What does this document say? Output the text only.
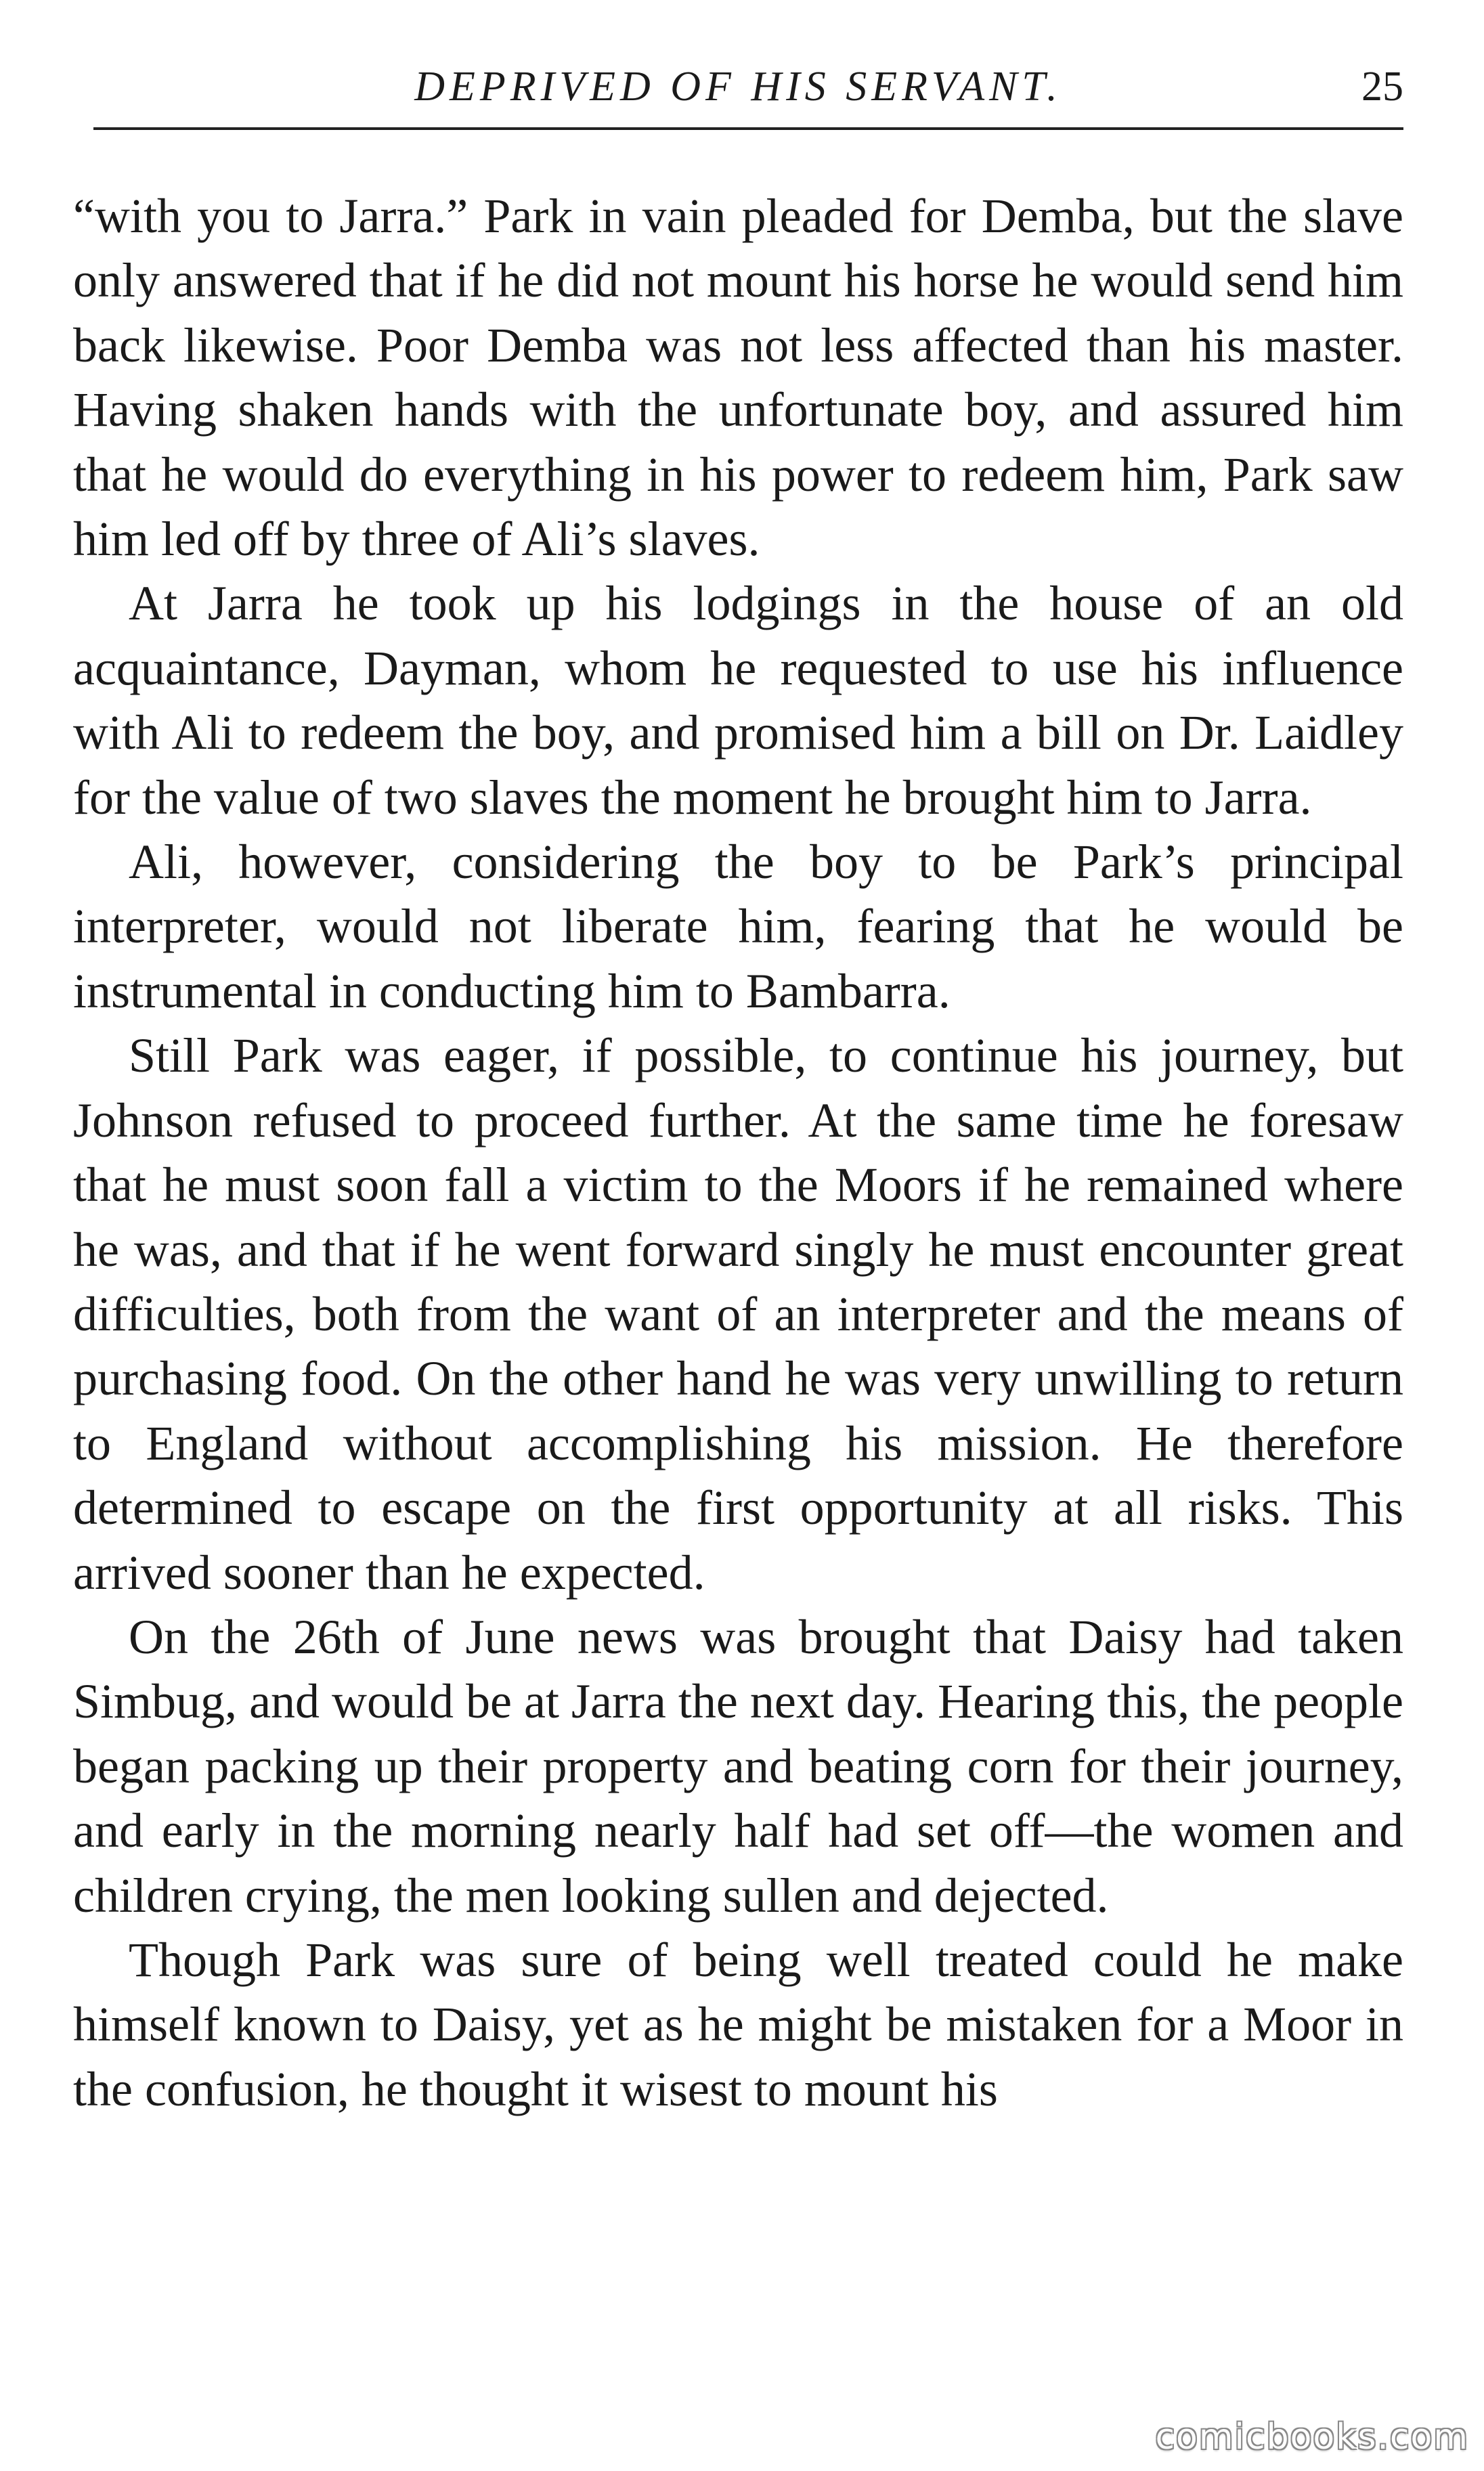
DEPRIVED OF HIS SERVANT.	25

“with you to Jarra.” Park in vain pleaded for Demba, but the slave only answered that if he did not mount his horse he would send him back likewise. Poor Demba was not less affected than his master. Having shaken hands with the unfortunate boy, and assured him that he would do everything in his power to redeem him, Park saw him led off by three of Ali’s slaves.

At Jarra he took up his lodgings in the house of an old acquaintance, Dayman, whom he requested to use his influence with Ali to redeem the boy, and promised him a bill on Dr. Laidley for the value of two slaves the moment he brought him to Jarra.

Ali, however, considering the boy to be Park’s principal interpreter, would not liberate him, fearing that he would be instrumental in conducting him to Bambarra.

Still Park was eager, if possible, to continue his journey, but Johnson refused to proceed further. At the same time he foresaw that he must soon fall a victim to the Moors if he remained where he was, and that if he went forward singly he must encounter great difficulties, both from the want of an interpreter and the means of purchasing food. On the other hand he was very unwilling to return to England without accomplishing his mission. He therefore determined to escape on the first opportunity at all risks. This arrived sooner than he expected.

On the 26th of June news was brought that Daisy had taken Simbug, and would be at Jarra the next day. Hearing this, the people began packing up their property and beating corn for their journey, and early in the morning nearly half had set off—the women and children crying, the men looking sullen and dejected.

Though Park was sure of being well treated could he make himself known to Daisy, yet as he might be mistaken for a Moor in the confusion, he thought it wisest to mount his

comicbooks.com
